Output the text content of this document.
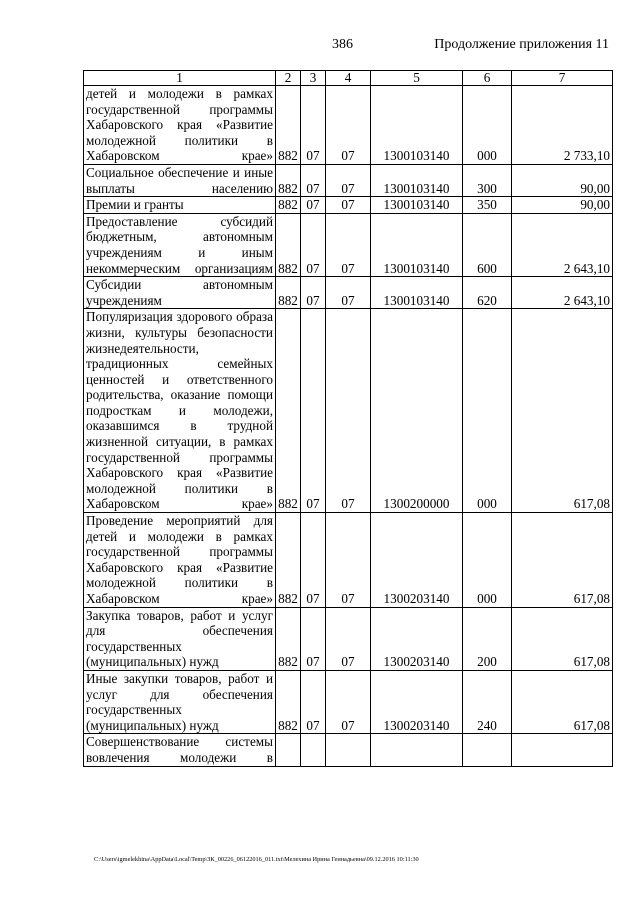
386	Продолжение приложения 11
1	2	3	4	5	6	7
детей и молодежи в рамках государственной программы Хабаровского края «Развитие молодежной политики в Хабаровском крае»	882	07	07	1300103140	000	2 733,10
Социальное обеспечение и иные выплаты населению	882	07	07	1300103140	300	90,00
Премии и гранты	882	07	07	1300103140	350	90,00
Предоставление субсидий бюджетным, автономным учреждениям и иным некоммерческим организациям	882	07	07	1300103140	600	2 643,10
Субсидии автономным учреждениям	882	07	07	1300103140	620	2 643,10
Популяризация здорового образа жизни, культуры безопасности жизнедеятельности, традиционных семейных ценностей и ответственного родительства, оказание помощи подросткам и молодежи, оказавшимся в трудной жизненной ситуации, в рамках государственной программы Хабаровского края «Развитие молодежной политики в Хабаровском крае»	882	07	07	1300200000	000	617,08
Проведение мероприятий для детей и молодежи в рамках государственной программы Хабаровского края «Развитие молодежной политики в Хабаровском крае»	882	07	07	1300203140	000	617,08
Закупка товаров, работ и услуг для обеспечения государственных (муниципальных) нужд	882	07	07	1300203140	200	617,08
Иные закупки товаров, работ и услуг для обеспечения государственных (муниципальных) нужд	882	07	07	1300203140	240	617,08
Совершенствование системы вовлечения молодежи в						
C:\Users\igmelekhina\AppData\Local\Temp\ЗК_00226_06122016_011.txt\Мелехина Ирина Геннадьевна\09.12.2016 10:11:30
